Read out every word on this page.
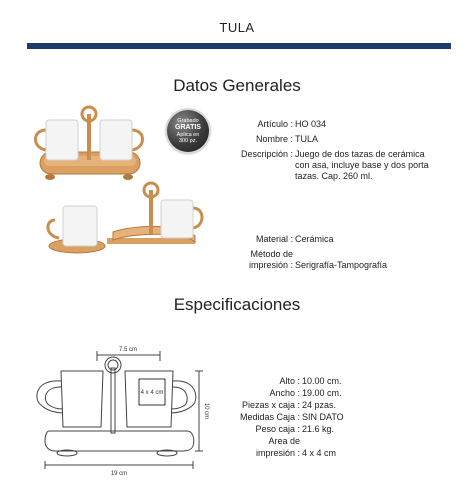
TULA
Datos Generales
Grabado
GRATIS
Aplica en
300 pz.
Artículo : HO 034
Nombre : TULA
Descripción : Juego de dos tazas de cerámica
con asa, incluye base y dos porta
tazas. Cap. 260 ml.
Material : Cerámica
Método de
impresión : Serigrafía-Tampografía
Especificaciones
7.5 cm
4 x 4 cm
10 cm
19 cm
Alto : 10.00 cm.
Ancho : 19.00 cm.
Piezas x caja : 24 pzas.
Medidas Caja : SIN DATO
Peso caja : 21.6 kg.
Area de
impresión : 4 x 4 cm
